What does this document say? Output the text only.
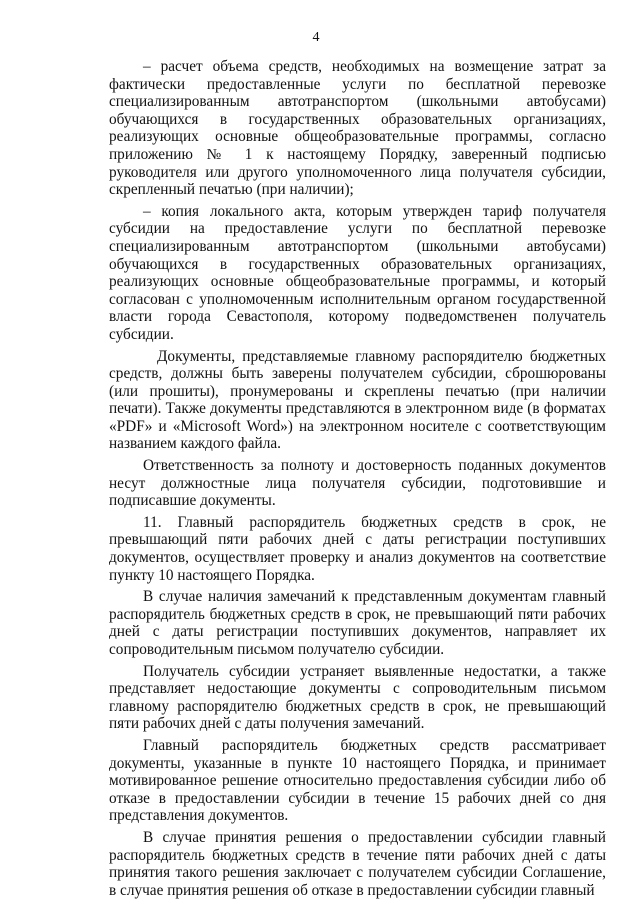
4

– расчет объема средств, необходимых на возмещение затрат за фактически предоставленные услуги по бесплатной перевозке специализированным автотранспортом (школьными автобусами) обучающихся в государственных образовательных организациях, реализующих основные общеобразовательные программы, согласно приложению № 1 к настоящему Порядку, заверенный подписью руководителя или другого уполномоченного лица получателя субсидии, скрепленный печатью (при наличии);

– копия локального акта, которым утвержден тариф получателя субсидии на предоставление услуги по бесплатной перевозке специализированным автотранспортом (школьными автобусами) обучающихся в государственных образовательных организациях, реализующих основные общеобразовательные программы, и который согласован с уполномоченным исполнительным органом государственной власти города Севастополя, которому подведомственен получатель субсидии.

Документы, представляемые главному распорядителю бюджетных средств, должны быть заверены получателем субсидии, сброшюрованы (или прошиты), пронумерованы и скреплены печатью (при наличии печати). Также документы представляются в электронном виде (в форматах «PDF» и «Microsoft Word») на электронном носителе с соответствующим названием каждого файла.

Ответственность за полноту и достоверность поданных документов несут должностные лица получателя субсидии, подготовившие и подписавшие документы.

11. Главный распорядитель бюджетных средств в срок, не превышающий пяти рабочих дней с даты регистрации поступивших документов, осуществляет проверку и анализ документов на соответствие пункту 10 настоящего Порядка.

В случае наличия замечаний к представленным документам главный распорядитель бюджетных средств в срок, не превышающий пяти рабочих дней с даты регистрации поступивших документов, направляет их сопроводительным письмом получателю субсидии.

Получатель субсидии устраняет выявленные недостатки, а также представляет недостающие документы с сопроводительным письмом главному распорядителю бюджетных средств в срок, не превышающий пяти рабочих дней с даты получения замечаний.

Главный распорядитель бюджетных средств рассматривает документы, указанные в пункте 10 настоящего Порядка, и принимает мотивированное решение относительно предоставления субсидии либо об отказе в предоставлении субсидии в течение 15 рабочих дней со дня представления документов.

В случае принятия решения о предоставлении субсидии главный распорядитель бюджетных средств в течение пяти рабочих дней с даты принятия такого решения заключает с получателем субсидии Соглашение, в случае принятия решения об отказе в предоставлении субсидии главный
